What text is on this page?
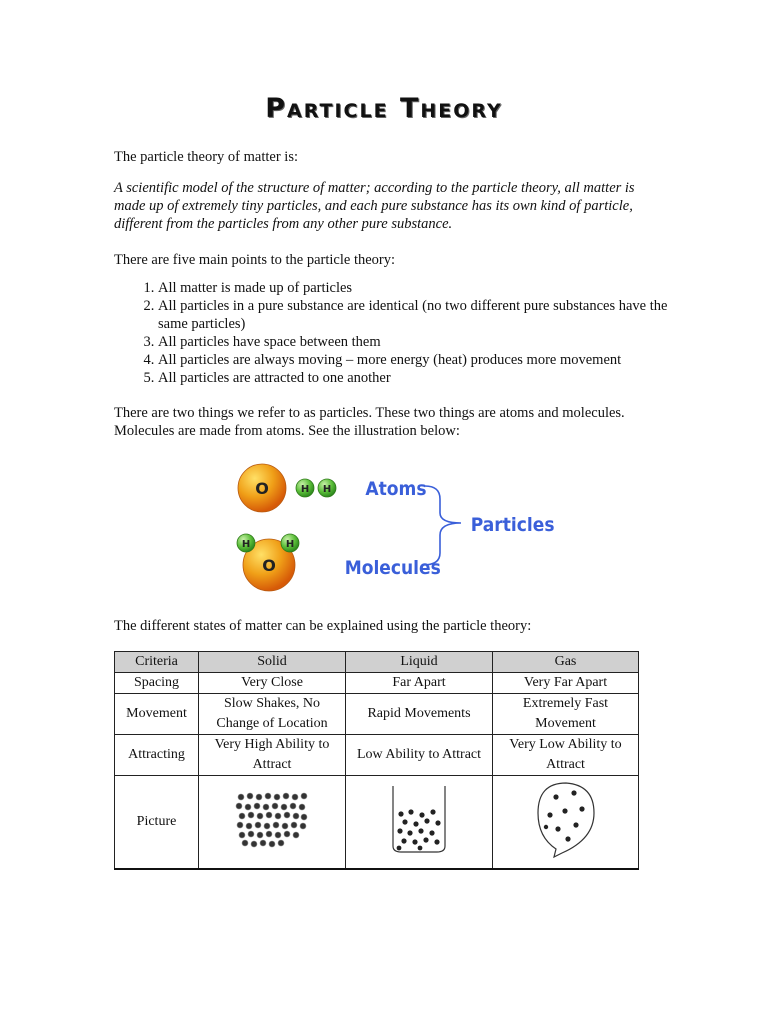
Particle Theory

The particle theory of matter is:

A scientific model of the structure of matter; according to the particle theory, all matter is made up of extremely tiny particles, and each pure substance has its own kind of particle, different from the particles from any other pure substance.

There are five main points to the particle theory:

1. All matter is made up of particles
2. All particles in a pure substance are identical (no two different pure substances have the same particles)
3. All particles have space between them
4. All particles are always moving – more energy (heat) produces more movement
5. All particles are attracted to one another

There are two things we refer to as particles. These two things are atoms and molecules. Molecules are made from atoms. See the illustration below:

O	H H
O
H	H
Atoms
Molecules
Particles

The different states of matter can be explained using the particle theory:

Criteria	Solid	Liquid	Gas
Spacing	Very Close	Far Apart	Very Far Apart
Movement	Slow Shakes, No Change of Location	Rapid Movements	Extremely Fast Movement
Attracting	Very High Ability to Attract	Low Ability to Attract	Very Low Ability to Attract
Picture			
